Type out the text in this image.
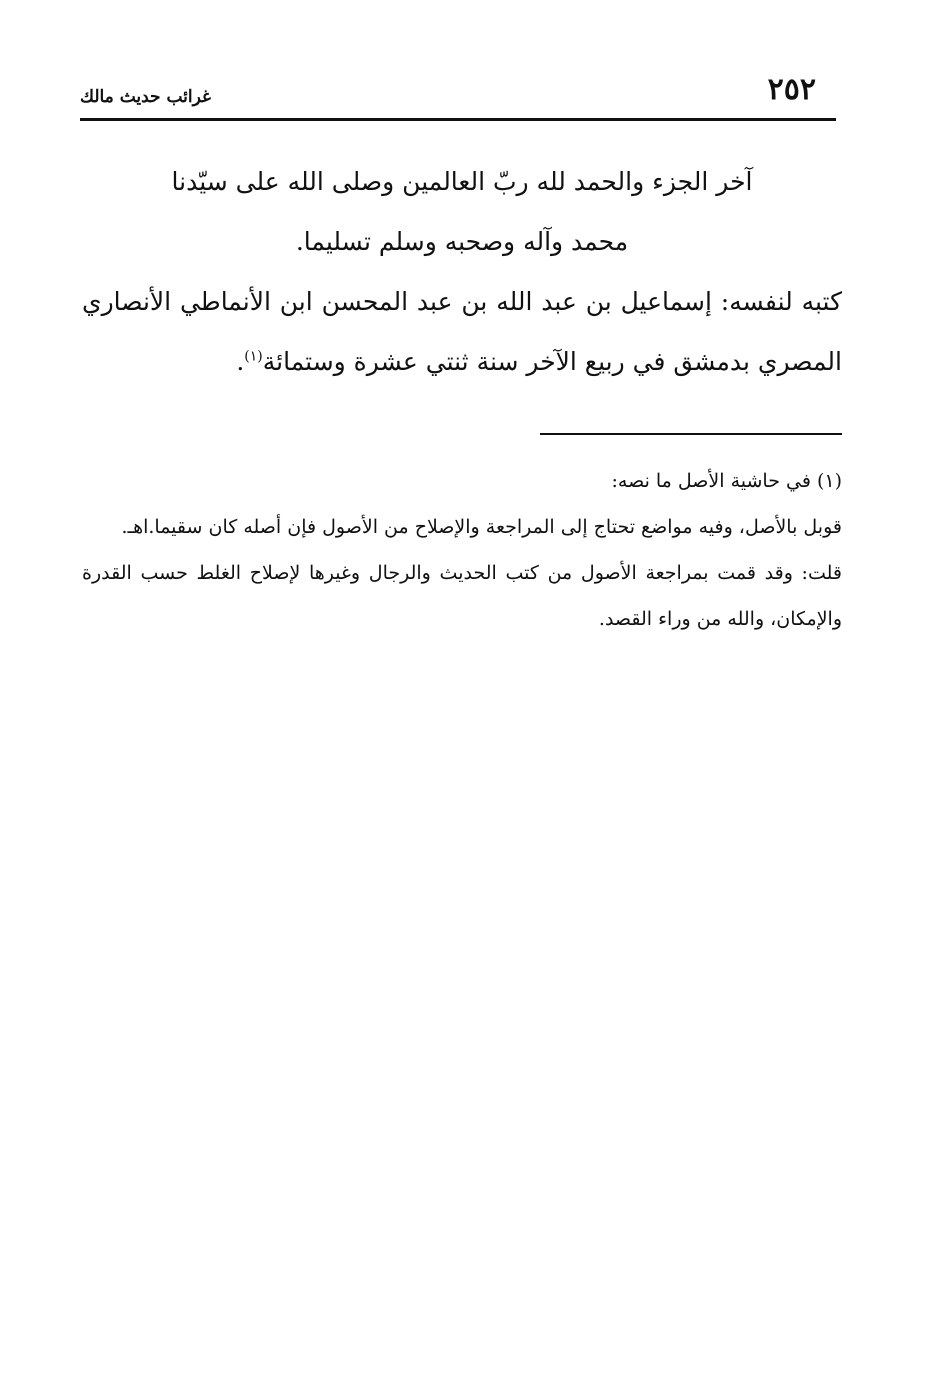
٢٥٢
غرائب حديث مالك

آخر الجزء والحمد لله ربّ العالمين وصلى الله على سيّدنا محمد وآله وصحبه وسلم تسليما.

كتبه لنفسه: إسماعيل بن عبد الله بن عبد المحسن ابن الأنماطي الأنصاري المصري بدمشق في ربيع الآخر سنة ثنتي عشرة وستمائة$^{(١)}$.

(١) في حاشية الأصل ما نصه:

قوبل بالأصل، وفيه مواضع تحتاج إلى المراجعة والإصلاح من الأصول فإن أصله كان سقيما.اهـ.

قلت: وقد قمت بمراجعة الأصول من كتب الحديث والرجال وغيرها لإصلاح الغلط حسب القدرة والإمكان، والله من وراء القصد.
